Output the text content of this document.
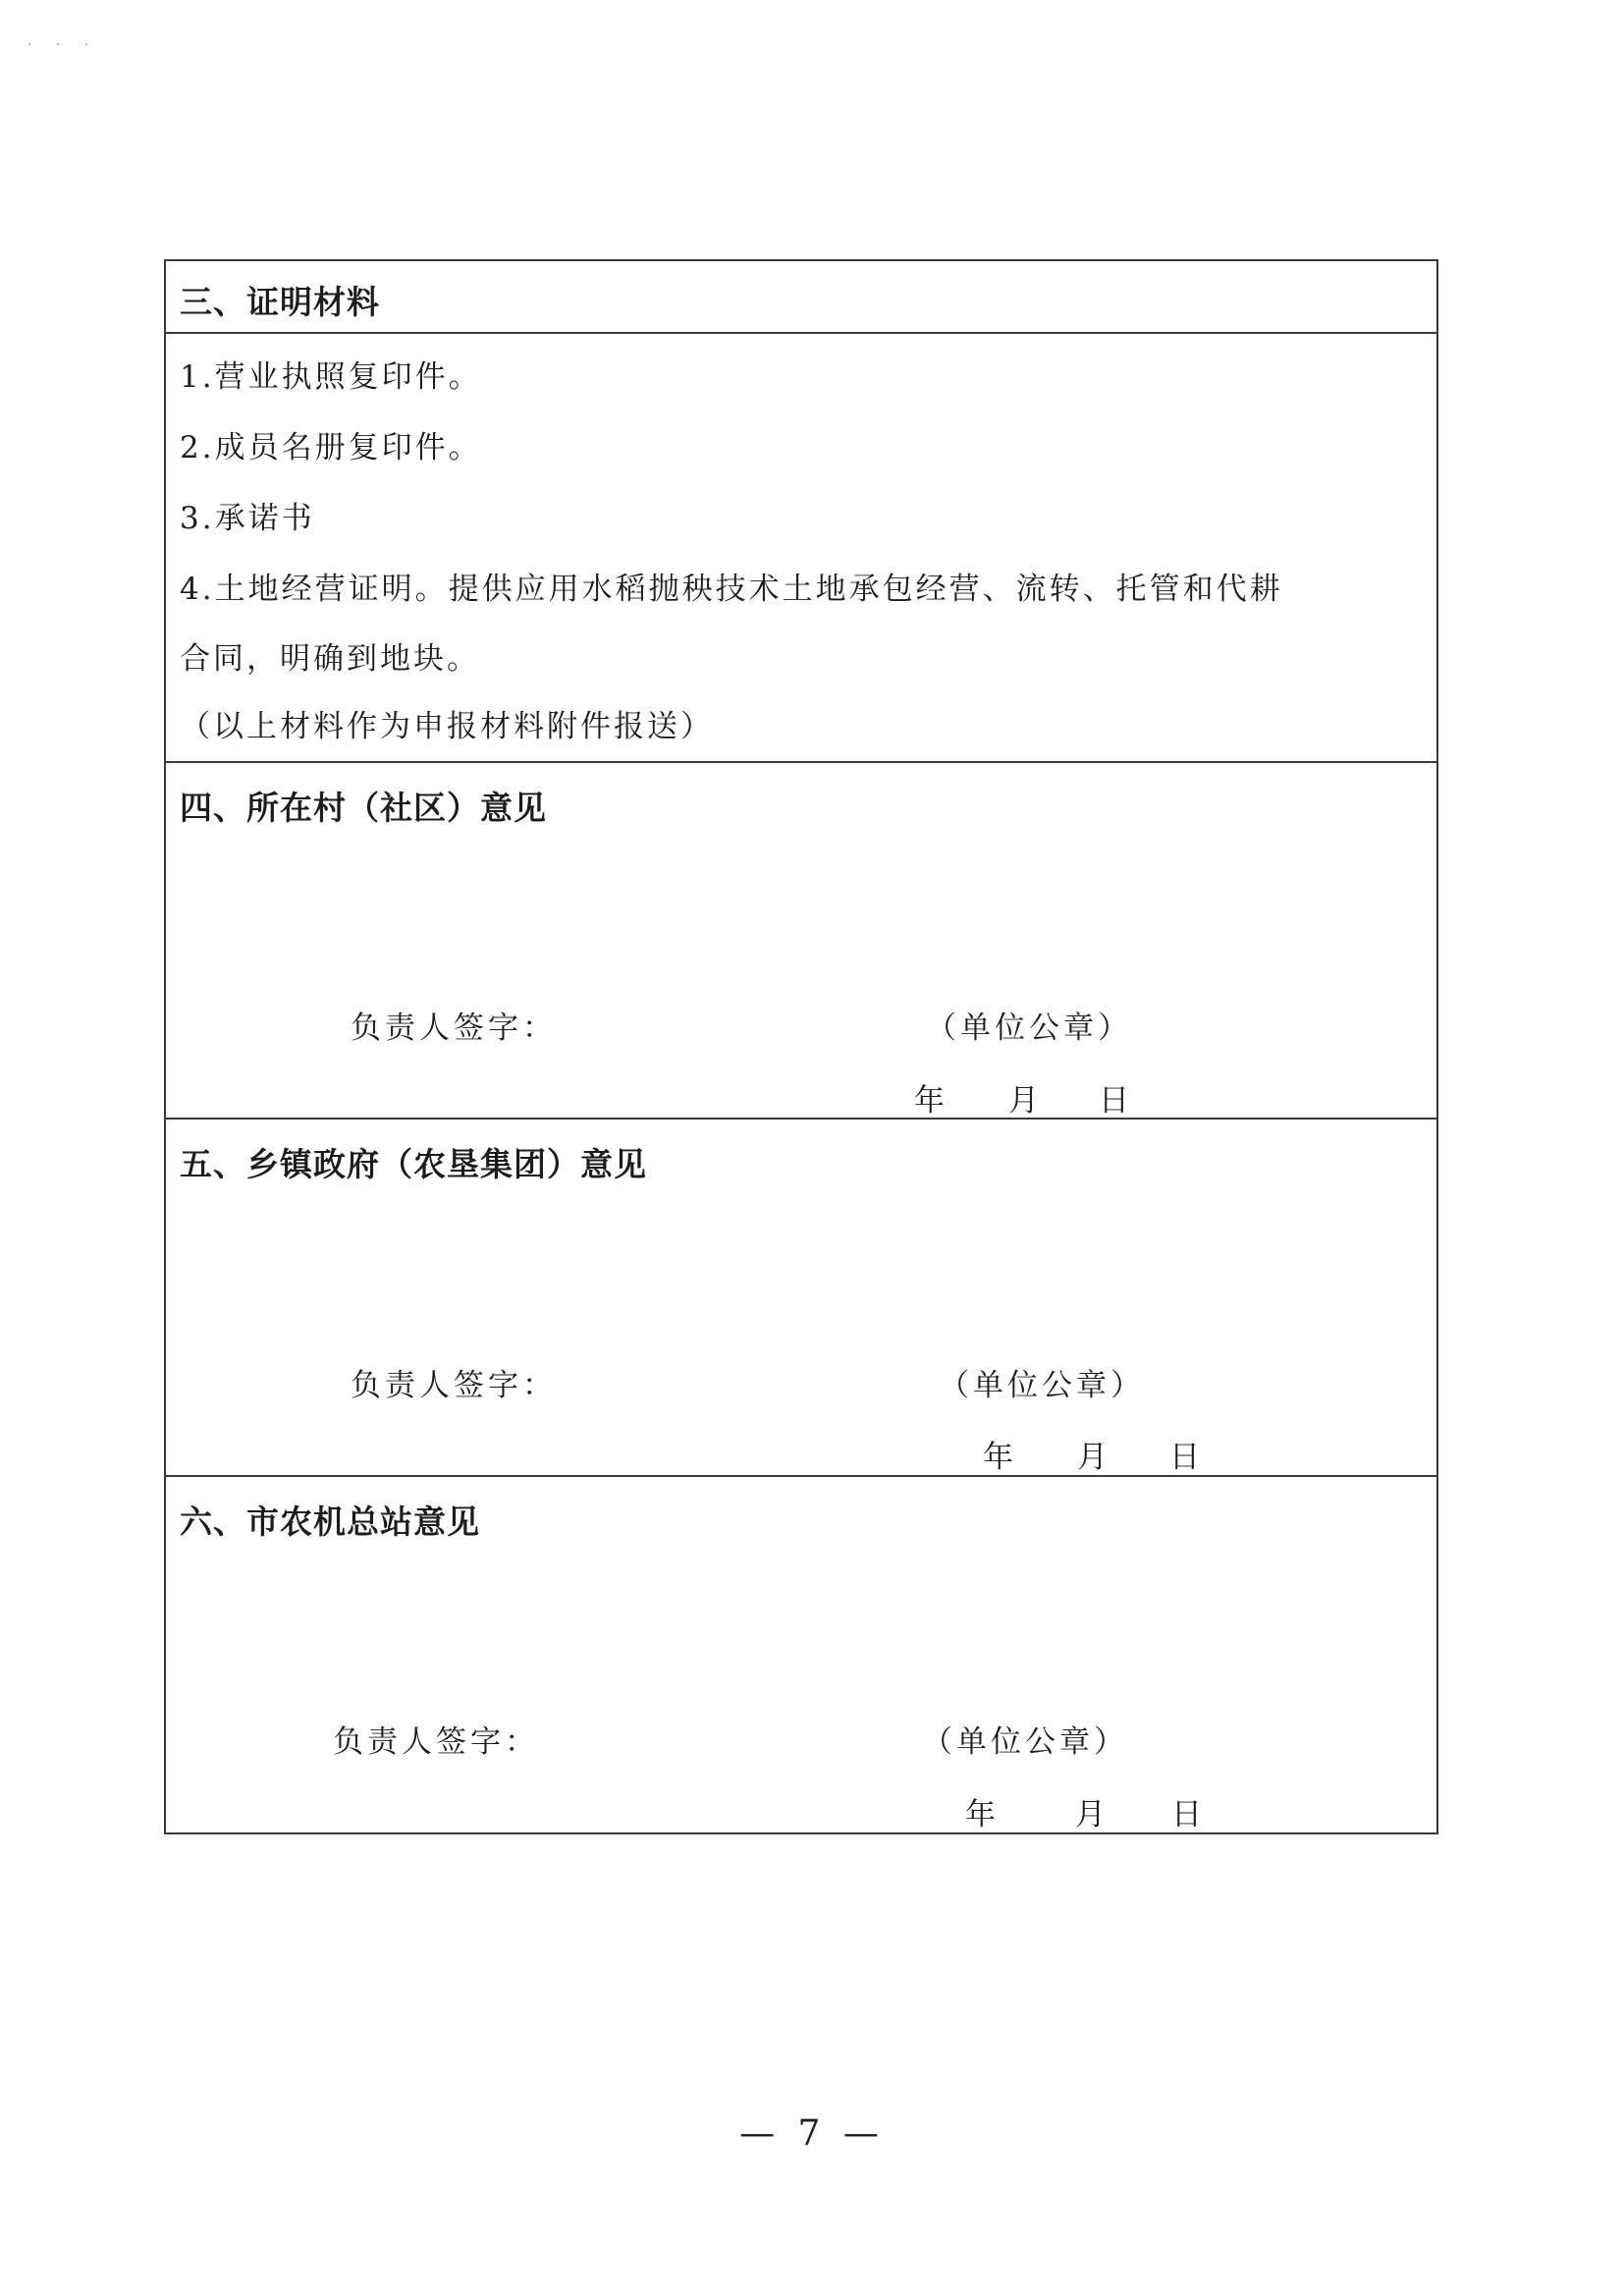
· · ·
三、证明材料
1.营业执照复印件。
2.成员名册复印件。
3.承诺书
4.土地经营证明。提供应用水稻抛秧技术土地承包经营、流转、托管和代耕
合同，明确到地块。
（以上材料作为申报材料附件报送）
四、所在村（社区）意见
负责人签字：	（单位公章）
年 月 日
五、乡镇政府（农垦集团）意见
负责人签字：	（单位公章）
年 月 日
六、市农机总站意见
负责人签字：	（单位公章）
年	月 日
— 7 —
